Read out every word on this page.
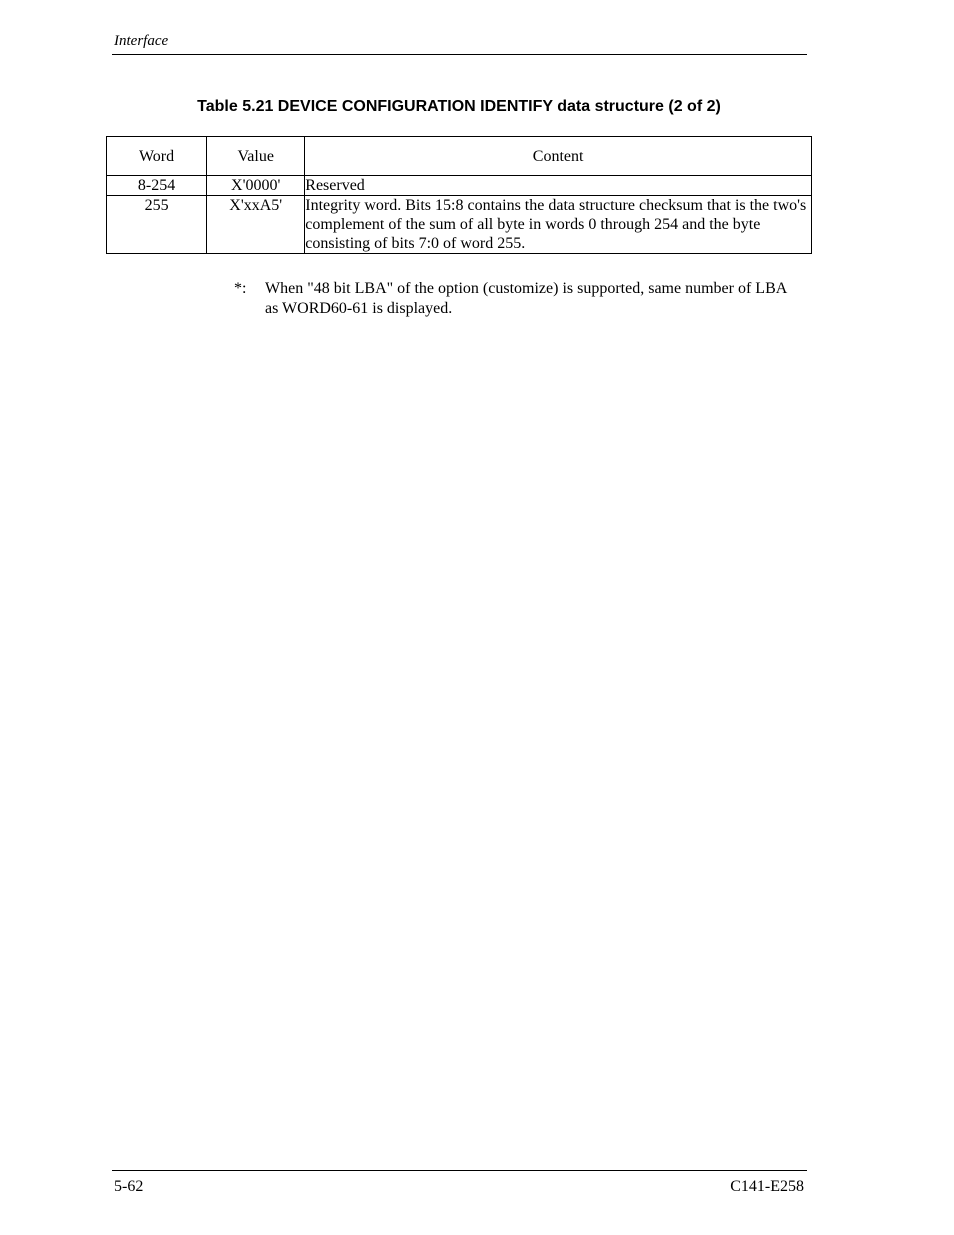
Interface
Table 5.21 DEVICE CONFIGURATION IDENTIFY data structure (2 of 2)
Word	Value	Content
8-254	X'0000'	Reserved
255	X'xxA5'	Integrity word. Bits 15:8 contains the data structure checksum that is the two's complement of the sum of all byte in words 0 through 254 and the byte consisting of bits 7:0 of word 255.
*: When "48 bit LBA" of the option (customize) is supported, same number of LBA as WORD60-61 is displayed.
5-62	C141-E258
